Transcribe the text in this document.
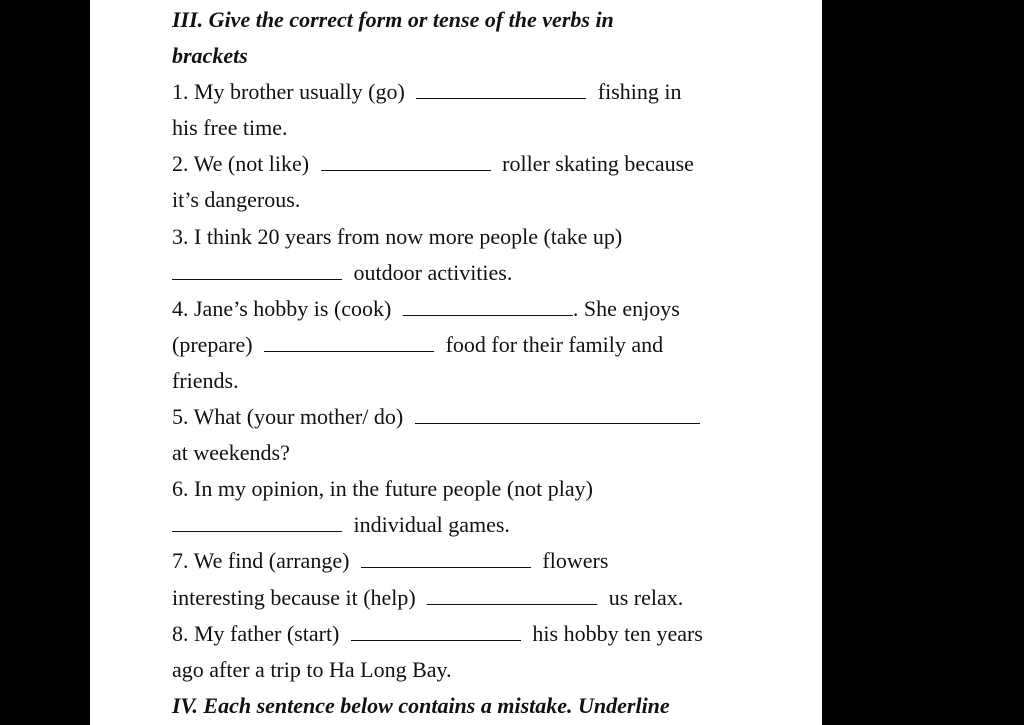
III. Give the correct form or tense of the verbs in
brackets
1. My brother usually (go)	fishing in
his free time.
2. We (not like)	roller skating because
it’s dangerous.
3. I think 20 years from now more people (take up)
outdoor activities.
4. Jane’s hobby is (cook)	. She enjoys
(prepare)	food for their family and
friends.
5. What (your mother/ do)
at weekends?
6. In my opinion, in the future people (not play)
individual games.
7. We find (arrange)	flowers
interesting because it (help)	us relax.
8. My father (start)	his hobby ten years
ago after a trip to Ha Long Bay.
IV. Each sentence below contains a mistake. Underline
